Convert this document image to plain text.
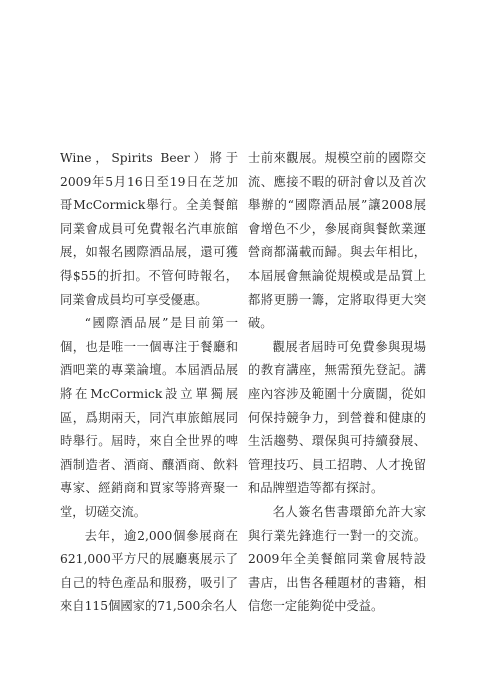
Wine，Spirits Beer）將于2009年5月16日至19日在芝加哥McCormick舉行。全美餐館同業會成員可免費報名汽車旅館展，如報名國際酒品展，還可獲得$55的折扣。不管何時報名，同業會成員均可享受優惠。

“國際酒品展”是目前第一個，也是唯一一個專注于餐廳和酒吧業的專業論壇。本屆酒品展將在McCormick設立單獨展區，爲期兩天，同汽車旅館展同時舉行。屆時，來自全世界的啤酒制造者、酒商、釀酒商、飲料專家、經銷商和買家等將齊聚一堂，切磋交流。

去年，逾2,000個參展商在621,000平方尺的展廳裏展示了自己的特色產品和服務，吸引了來自115個國家的71,500余名人

士前來觀展。規模空前的國際交流、應接不暇的研討會以及首次舉辦的“國際酒品展”讓2008展會增色不少，參展商與餐飲業運營商都滿載而歸。與去年相比，本屆展會無論從規模或是品質上都將更勝一籌，定將取得更大突破。

觀展者屆時可免費參與現場的教育講座，無需預先登記。講座內容涉及範圍十分廣闊，從如何保持競争力，到營養和健康的生活趨勢、環保與可持續發展、管理技巧、員工招聘、人才挽留和品牌塑造等都有探討。

名人簽名售書環節允許大家與行業先鋒進行一對一的交流。2009年全美餐館同業會展特設書店，出售各種題材的書籍，相信您一定能夠從中受益。
